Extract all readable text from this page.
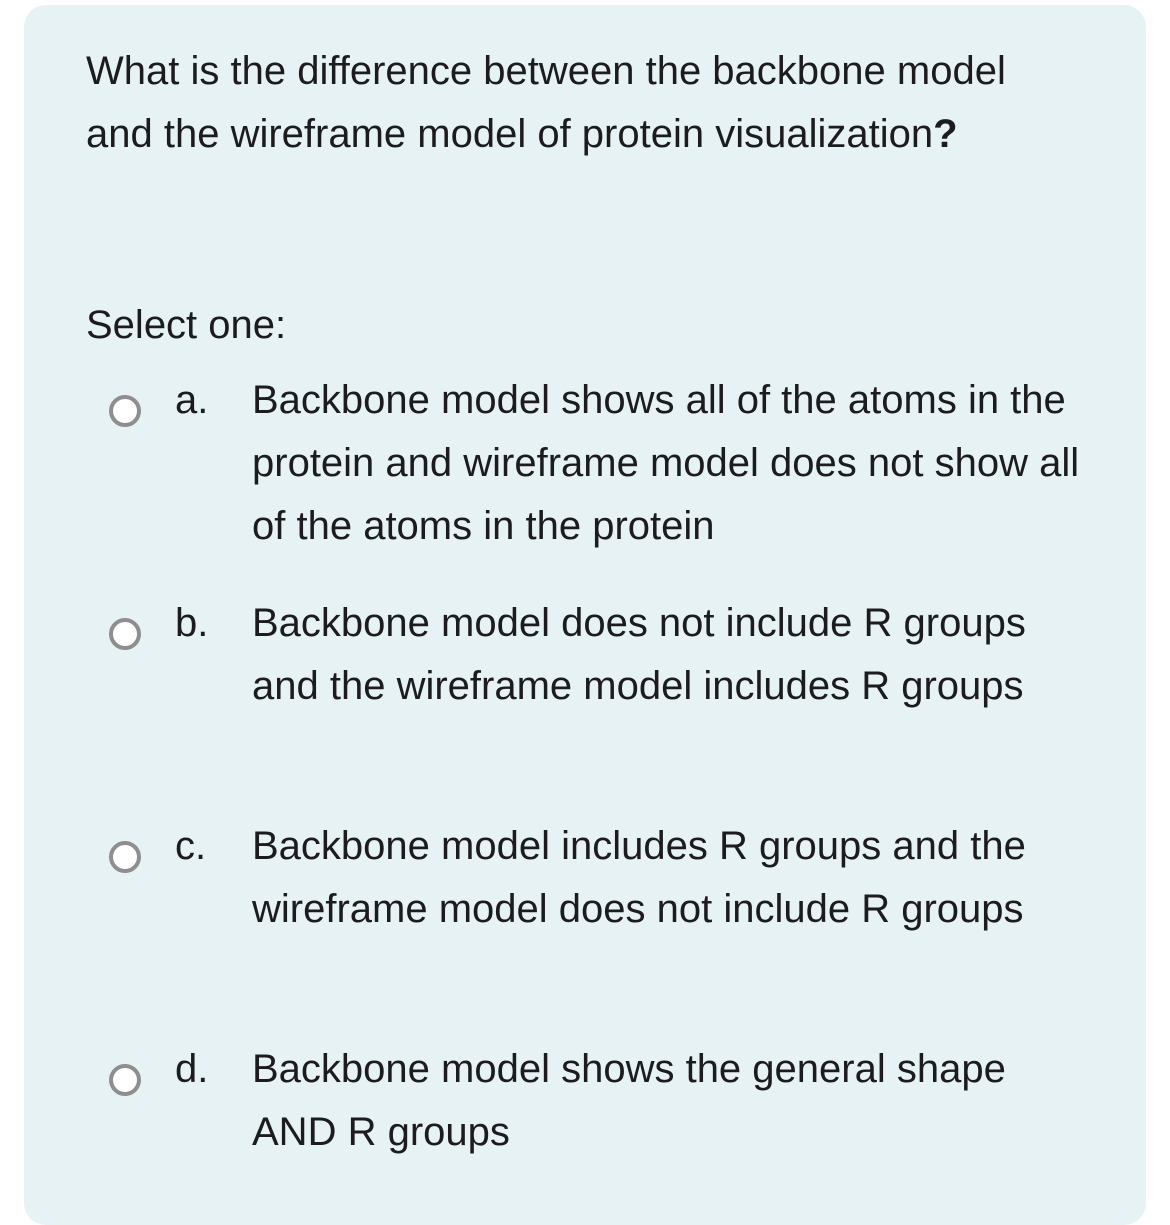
What is the difference between the backbone model and the wireframe model of protein visualization?

Select one:

a. Backbone model shows all of the atoms in the protein and wireframe model does not show all of the atoms in the protein

b. Backbone model does not include R groups and the wireframe model includes R groups

c. Backbone model includes R groups and the wireframe model does not include R groups

d. Backbone model shows the general shape AND R groups
